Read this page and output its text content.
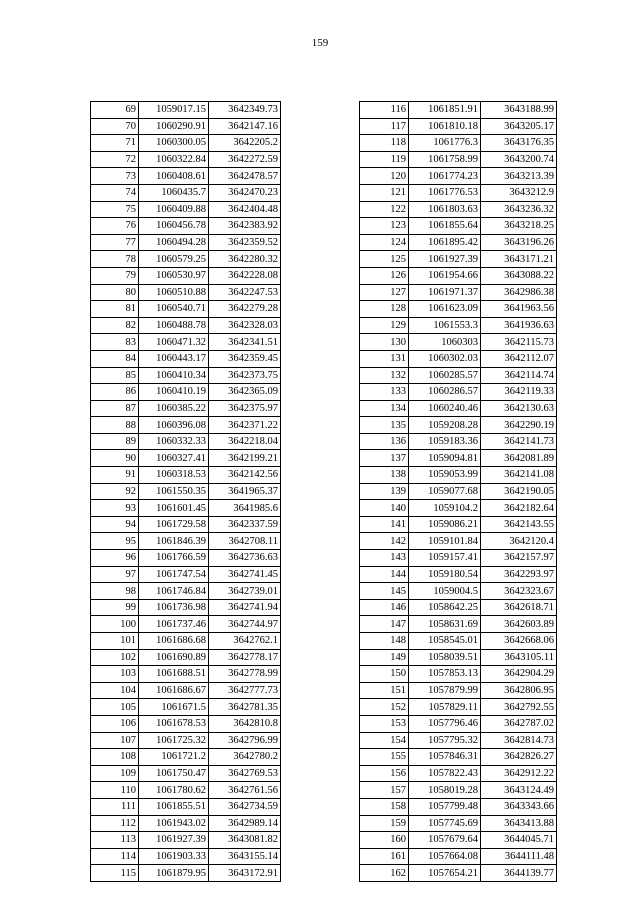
159
69	1059017.15	3642349.73
70	1060290.91	3642147.16
71	1060300.05	3642205.2
72	1060322.84	3642272.59
73	1060408.61	3642478.57
74	1060435.7	3642470.23
75	1060409.88	3642404.48
76	1060456.78	3642383.92
77	1060494.28	3642359.52
78	1060579.25	3642280.32
79	1060530.97	3642228.08
80	1060510.88	3642247.53
81	1060540.71	3642279.28
82	1060488.78	3642328.03
83	1060471.32	3642341.51
84	1060443.17	3642359.45
85	1060410.34	3642373.75
86	1060410.19	3642365.09
87	1060385.22	3642375.97
88	1060396.08	3642371.22
89	1060332.33	3642218.04
90	1060327.41	3642199.21
91	1060318.53	3642142.56
92	1061550.35	3641965.37
93	1061601.45	3641985.6
94	1061729.58	3642337.59
95	1061846.39	3642708.11
96	1061766.59	3642736.63
97	1061747.54	3642741.45
98	1061746.84	3642739.01
99	1061736.98	3642741.94
100	1061737.46	3642744.97
101	1061686.68	3642762.1
102	1061690.89	3642778.17
103	1061688.51	3642778.99
104	1061686.67	3642777.73
105	1061671.5	3642781.35
106	1061678.53	3642810.8
107	1061725.32	3642796.99
108	1061721.2	3642780.2
109	1061750.47	3642769.53
110	1061780.62	3642761.56
111	1061855.51	3642734.59
112	1061943.02	3642989.14
113	1061927.39	3643081.82
114	1061903.33	3643155.14
115	1061879.95	3643172.91
116	1061851.91	3643188.99
117	1061810.18	3643205.17
118	1061776.3	3643176.35
119	1061758.99	3643200.74
120	1061774.23	3643213.39
121	1061776.53	3643212.9
122	1061803.63	3643236.32
123	1061855.64	3643218.25
124	1061895.42	3643196.26
125	1061927.39	3643171.21
126	1061954.66	3643088.22
127	1061971.37	3642986.38
128	1061623.09	3641963.56
129	1061553.3	3641936.63
130	1060303	3642115.73
131	1060302.03	3642112.07
132	1060285.57	3642114.74
133	1060286.57	3642119.33
134	1060240.46	3642130.63
135	1059208.28	3642290.19
136	1059183.36	3642141.73
137	1059094.81	3642081.89
138	1059053.99	3642141.08
139	1059077.68	3642190.05
140	1059104.2	3642182.64
141	1059086.21	3642143.55
142	1059101.84	3642120.4
143	1059157.41	3642157.97
144	1059180.54	3642293.97
145	1059004.5	3642323.67
146	1058642.25	3642618.71
147	1058631.69	3642603.89
148	1058545.01	3642668.06
149	1058039.51	3643105.11
150	1057853.13	3642904.29
151	1057879.99	3642806.95
152	1057829.11	3642792.55
153	1057796.46	3642787.02
154	1057795.32	3642814.73
155	1057846.31	3642826.27
156	1057822.43	3642912.22
157	1058019.28	3643124.49
158	1057799.48	3643343.66
159	1057745.69	3643413.88
160	1057679.64	3644045.71
161	1057664.08	3644111.48
162	1057654.21	3644139.77
